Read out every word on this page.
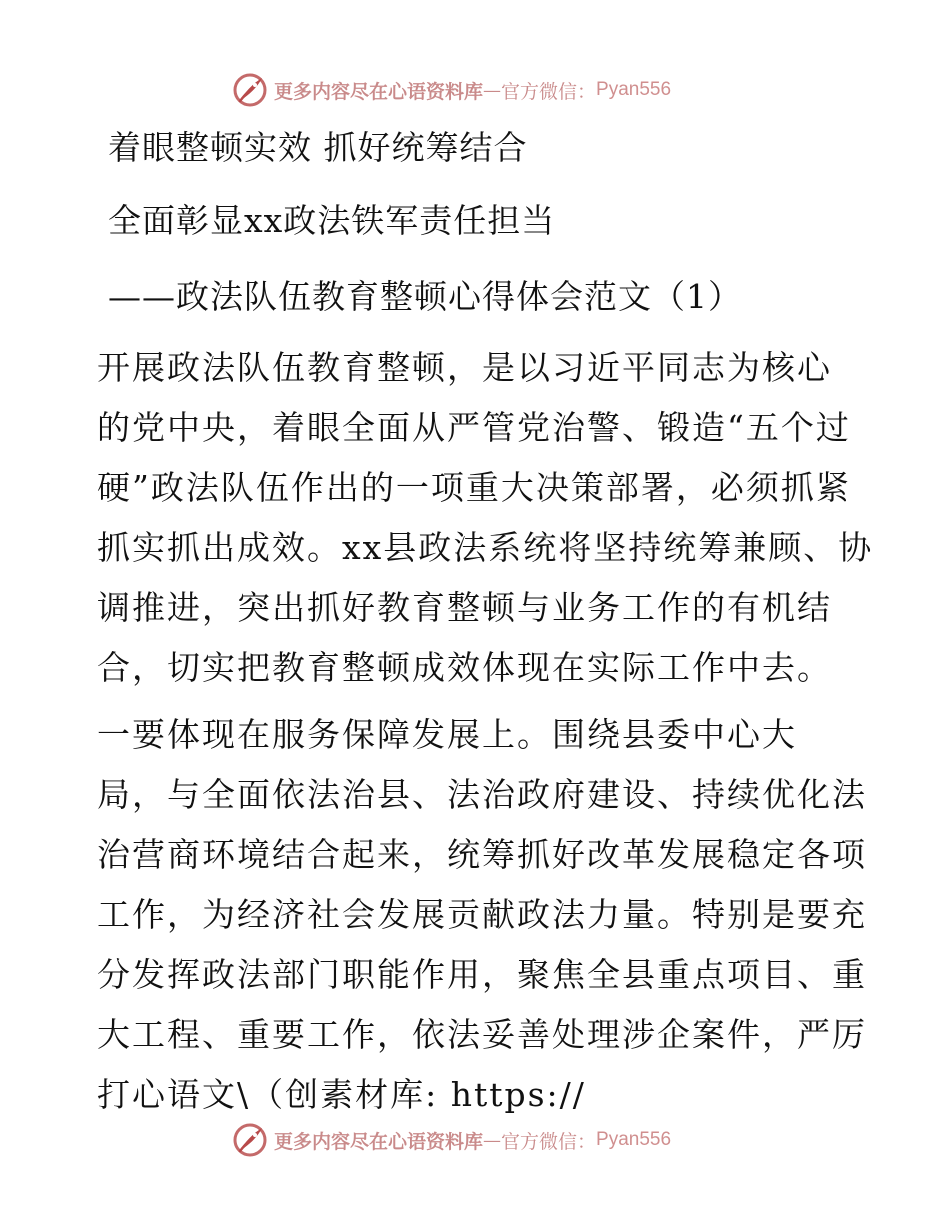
更多内容尽在心语资料库 — 官方微信： Pyan556
着眼整顿实效 抓好统筹结合
全面彰显xx政法铁军责任担当
——政法队伍教育整顿心得体会范文（1）
开展政法队伍教育整顿，是以习近平同志为核心
的党中央，着眼全面从严管党治警、锻造“五个过
硬”政法队伍作出的一项重大决策部署，必须抓紧
抓实抓出成效。xx县政法系统将坚持统筹兼顾、协
调推进，突出抓好教育整顿与业务工作的有机结
合，切实把教育整顿成效体现在实际工作中去。
一要体现在服务保障发展上。围绕县委中心大
局，与全面依法治县、法治政府建设、持续优化法
治营商环境结合起来，统筹抓好改革发展稳定各项
工作，为经济社会发展贡献政法力量。特别是要充
分发挥政法部门职能作用，聚焦全县重点项目、重
大工程、重要工作，依法妥善处理涉企案件，严厉
打心语文\（创素材库: https://
更多内容尽在心语资料库 — 官方微信： Pyan556
